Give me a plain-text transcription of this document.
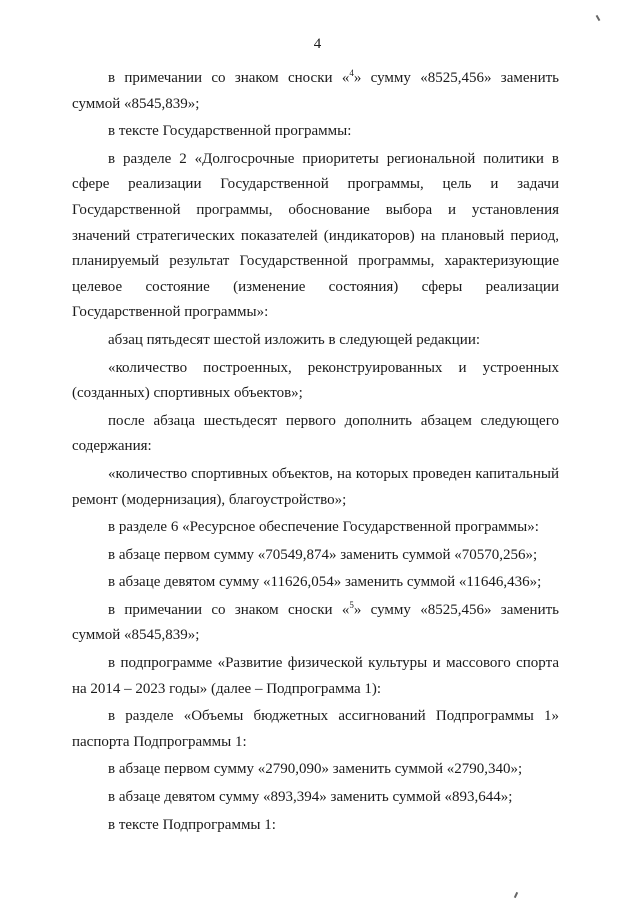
4

в примечании со знаком сноски «$^4$» сумму «8525,456» заменить суммой «8545,839»;

в тексте Государственной программы:

в разделе 2 «Долгосрочные приоритеты региональной политики в сфере реализации Государственной программы, цель и задачи Государственной программы, обоснование выбора и установления значений стратегических показателей (индикаторов) на плановый период, планируемый результат Государственной программы, характеризующие целевое состояние (изменение состояния) сферы реализации Государственной программы»:

абзац пятьдесят шестой изложить в следующей редакции:

«количество построенных, реконструированных и устроенных (созданных) спортивных объектов»;

после абзаца шестьдесят первого дополнить абзацем следующего содержания:

«количество спортивных объектов, на которых проведен капитальный ремонт (модернизация), благоустройство»;

в разделе 6 «Ресурсное обеспечение Государственной программы»:

в абзаце первом сумму «70549,874» заменить суммой «70570,256»;

в абзаце девятом сумму «11626,054» заменить суммой «11646,436»;

в примечании со знаком сноски «$^5$» сумму «8525,456» заменить суммой «8545,839»;

в подпрограмме «Развитие физической культуры и массового спорта на 2014 – 2023 годы» (далее – Подпрограмма 1):

в разделе «Объемы бюджетных ассигнований Подпрограммы 1» паспорта Подпрограммы 1:

в абзаце первом сумму «2790,090» заменить суммой «2790,340»;

в абзаце девятом сумму «893,394» заменить суммой «893,644»;

в тексте Подпрограммы 1:
